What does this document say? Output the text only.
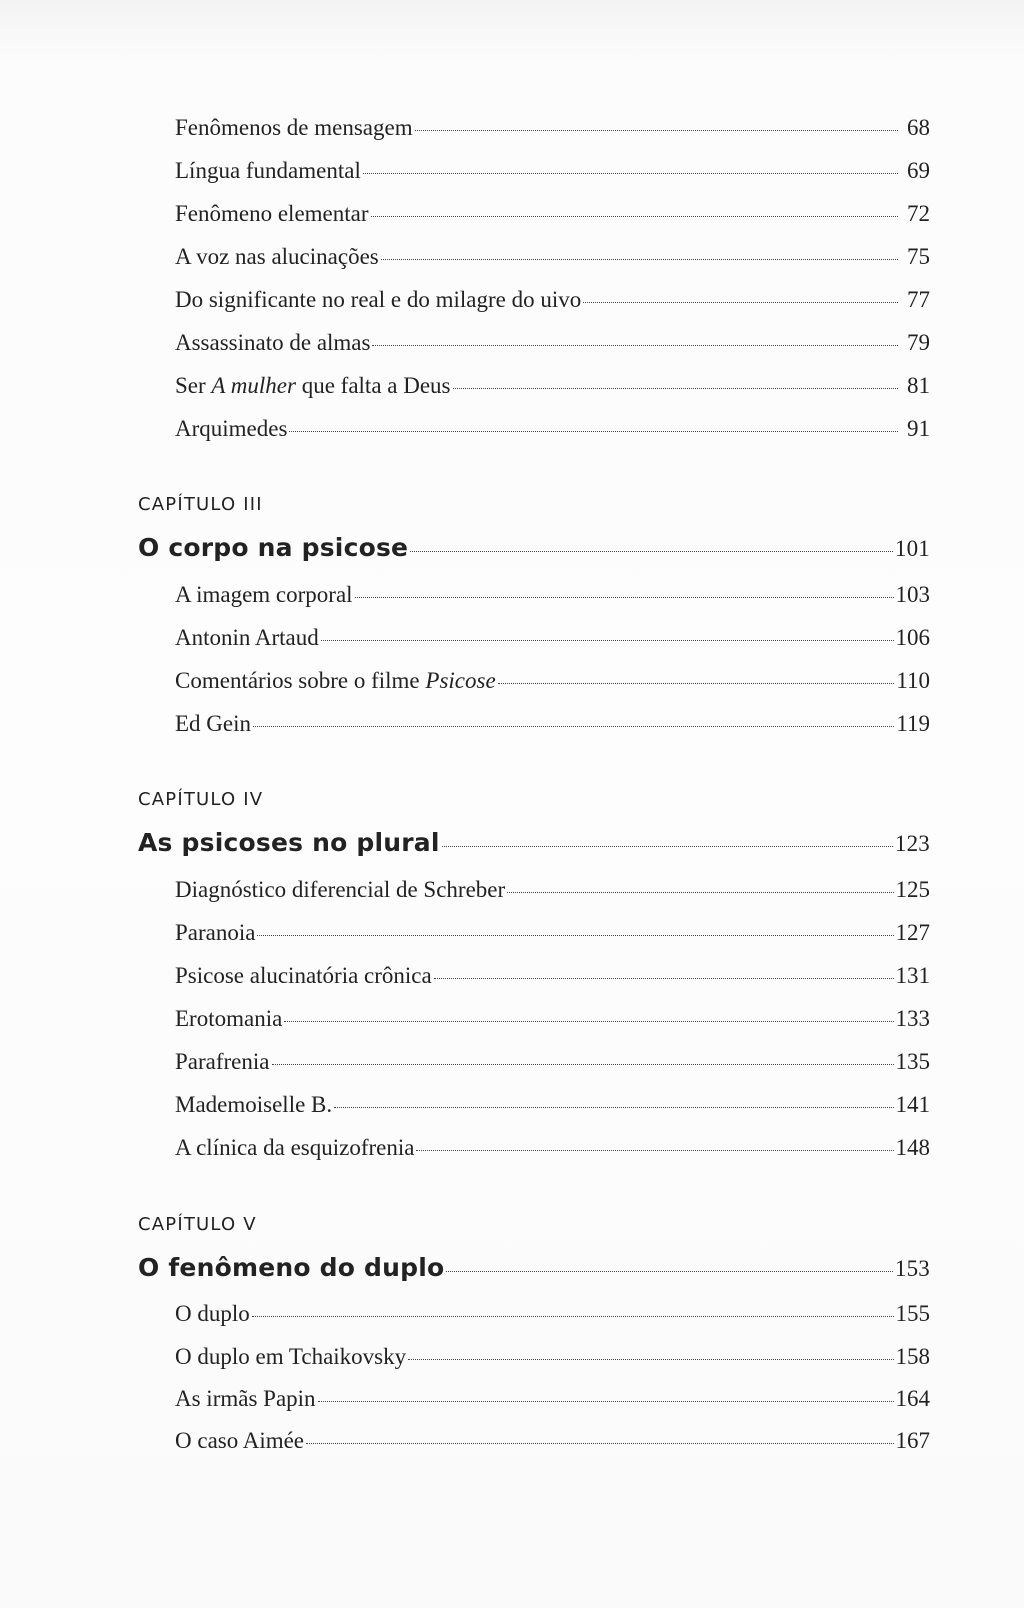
Fenômenos de mensagem	68
Língua fundamental	69
Fenômeno elementar	72
A voz nas alucinações	75
Do significante no real e do milagre do uivo	77
Assassinato de almas	79
Ser A mulher que falta a Deus	81
Arquimedes	91
CAPÍTULO III
O corpo na psicose	101
A imagem corporal	103
Antonin Artaud	106
Comentários sobre o filme Psicose	110
Ed Gein	119
CAPÍTULO IV
As psicoses no plural	123
Diagnóstico diferencial de Schreber	125
Paranoia	127
Psicose alucinatória crônica	131
Erotomania	133
Parafrenia	135
Mademoiselle B.	141
A clínica da esquizofrenia	148
CAPÍTULO V
O fenômeno do duplo	153
O duplo	155
O duplo em Tchaikovsky	158
As irmãs Papin	164
O caso Aimée	167
